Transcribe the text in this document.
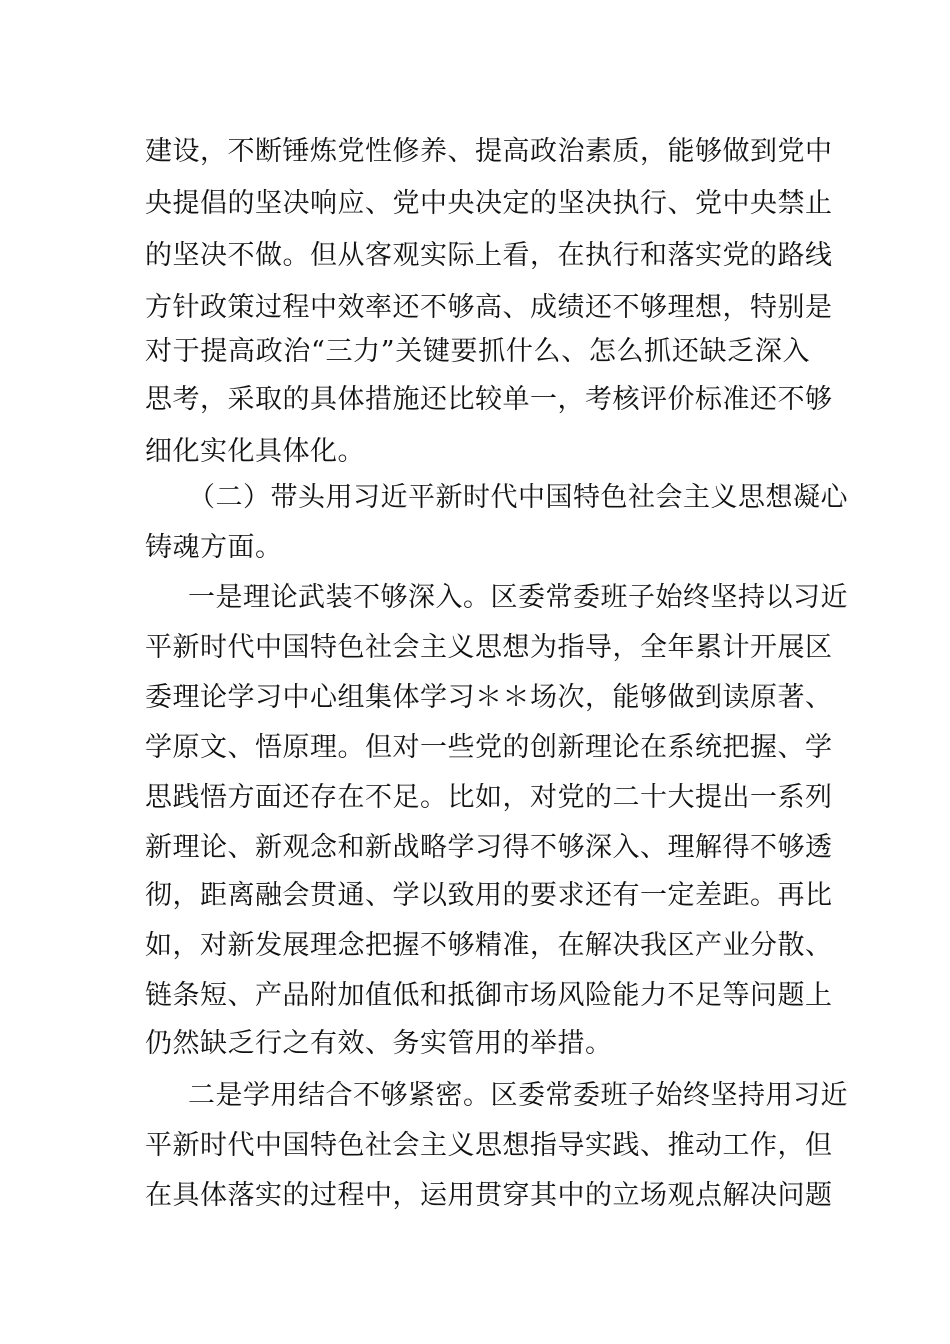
建设，不断锤炼党性修养、提高政治素质，能够做到党中
央提倡的坚决响应、党中央决定的坚决执行、党中央禁止
的坚决不做。但从客观实际上看，在执行和落实党的路线
方针政策过程中效率还不够高、成绩还不够理想，特别是
对于提高政治“三力”关键要抓什么、怎么抓还缺乏深入
思考，采取的具体措施还比较单一，考核评价标准还不够
细化实化具体化。
（二）带头用习近平新时代中国特色社会主义思想凝心
铸魂方面。
一是理论武装不够深入。区委常委班子始终坚持以习近
平新时代中国特色社会主义思想为指导，全年累计开展区
委理论学习中心组集体学习＊＊场次，能够做到读原著、
学原文、悟原理。但对一些党的创新理论在系统把握、学
思践悟方面还存在不足。比如，对党的二十大提出一系列
新理论、新观念和新战略学习得不够深入、理解得不够透
彻，距离融会贯通、学以致用的要求还有一定差距。再比
如，对新发展理念把握不够精准，在解决我区产业分散、
链条短、产品附加值低和抵御市场风险能力不足等问题上
仍然缺乏行之有效、务实管用的举措。
二是学用结合不够紧密。区委常委班子始终坚持用习近
平新时代中国特色社会主义思想指导实践、推动工作，但
在具体落实的过程中，运用贯穿其中的立场观点解决问题
